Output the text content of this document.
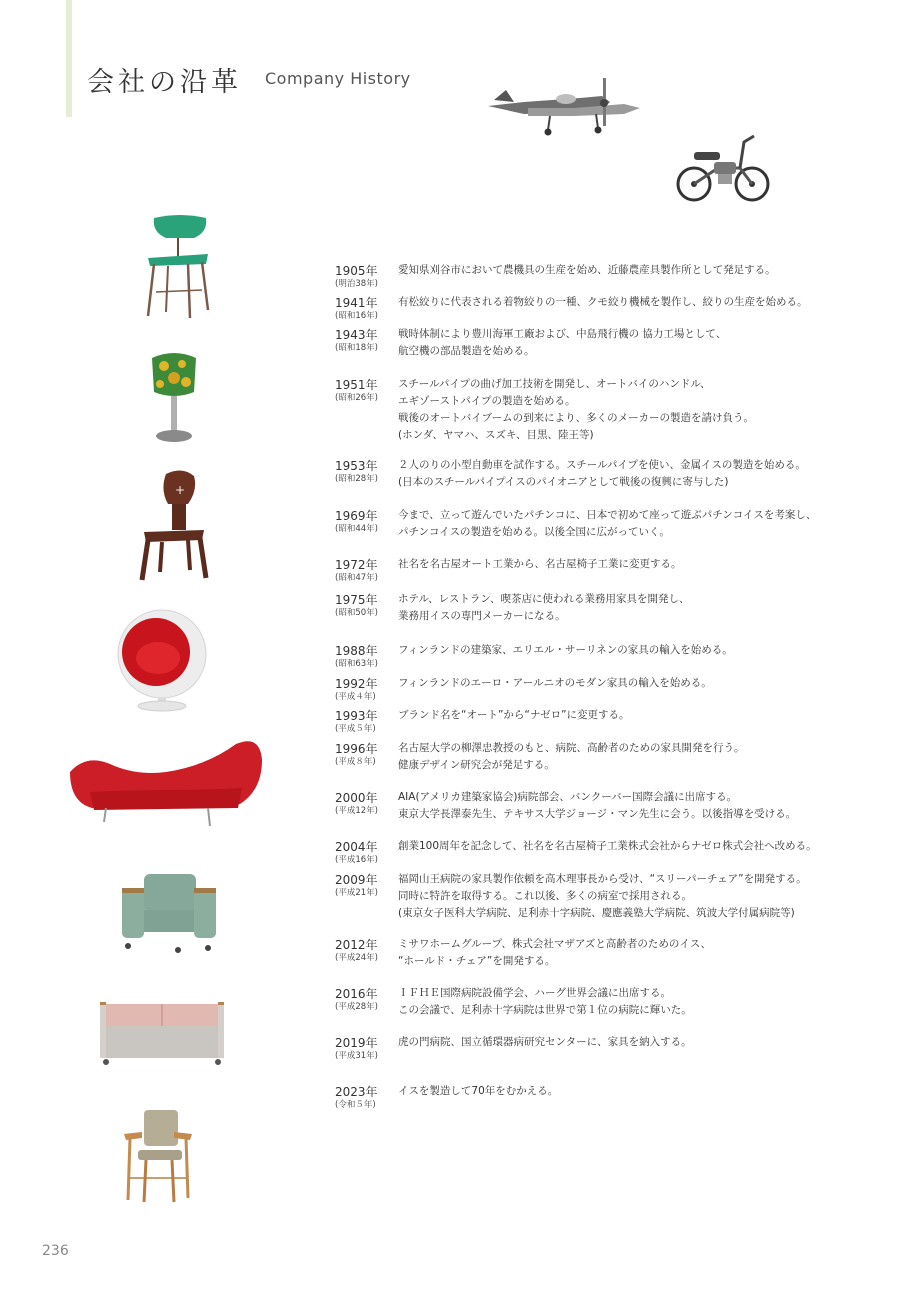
会社の沿革 Company History
+
1905年
(明治38年)
愛知県刈谷市において農機具の生産を始め、近藤農産具製作所として発足する。
1941年
(昭和16年)
有松絞りに代表される着物絞りの一種、クモ絞り機械を製作し、絞りの生産を始める。
1943年
(昭和18年)
戦時体制により豊川海軍工廠および、中島飛行機の 協力工場として、
航空機の部品製造を始める。
1951年
(昭和26年)
スチールパイプの曲げ加工技術を開発し、オートバイのハンドル、
エギゾーストパイプの製造を始める。
戦後のオートバイブームの到来により、多くのメーカーの製造を請け負う。
(ホンダ、ヤマハ、スズキ、目黒、陸王等)
1953年
(昭和28年)
２人のりの小型自動車を試作する。スチールパイプを使い、金属イスの製造を始める。
(日本のスチールパイプイスのパイオニアとして戦後の復興に寄与した)
1969年
(昭和44年)
今まで、立って遊んでいたパチンコに、日本で初めて座って遊ぶパチンコイスを考案し、
パチンコイスの製造を始める。以後全国に広がっていく。
1972年
(昭和47年)
社名を名古屋オート工業から、名古屋椅子工業に変更する。
1975年
(昭和50年)
ホテル、レストラン、喫茶店に使われる業務用家具を開発し、
業務用イスの専門メーカーになる。
1988年
(昭和63年)
フィンランドの建築家、エリエル・サーリネンの家具の輸入を始める。
1992年
(平成４年)
フィンランドのエーロ・アールニオのモダン家具の輸入を始める。
1993年
(平成５年)
ブランド名を“オート”から“ナゼロ”に変更する。
1996年
(平成８年)
名古屋大学の柳澤忠教授のもと、病院、高齢者のための家具開発を行う。
健康デザイン研究会が発足する。
2000年
(平成12年)
AIA(アメリカ建築家協会)病院部会、バンクーバー国際会議に出席する。
東京大学長澤泰先生、テキサス大学ジョージ・マン先生に会う。以後指導を受ける。
2004年
(平成16年)
創業100周年を記念して、社名を名古屋椅子工業株式会社からナゼロ株式会社へ改める。
2009年
(平成21年)
福岡山王病院の家具製作依頼を高木理事長から受け、“スリーパーチェア”を開発する。
同時に特許を取得する。これ以後、多くの病室で採用される。
(東京女子医科大学病院、足利赤十字病院、慶應義塾大学病院、筑波大学付属病院等)
2012年
(平成24年)
ミサワホームグループ、株式会社マザアズと高齢者のためのイス、
“ホールド・チェア”を開発する。
2016年
(平成28年)
ＩＦＨＥ国際病院設備学会、ハーグ世界会議に出席する。
この会議で、足利赤十字病院は世界で第１位の病院に輝いた。
2019年
(平成31年)
虎の門病院、国立循環器病研究センターに、家具を納入する。
2023年
(令和５年)
イスを製造して70年をむかえる。
236
